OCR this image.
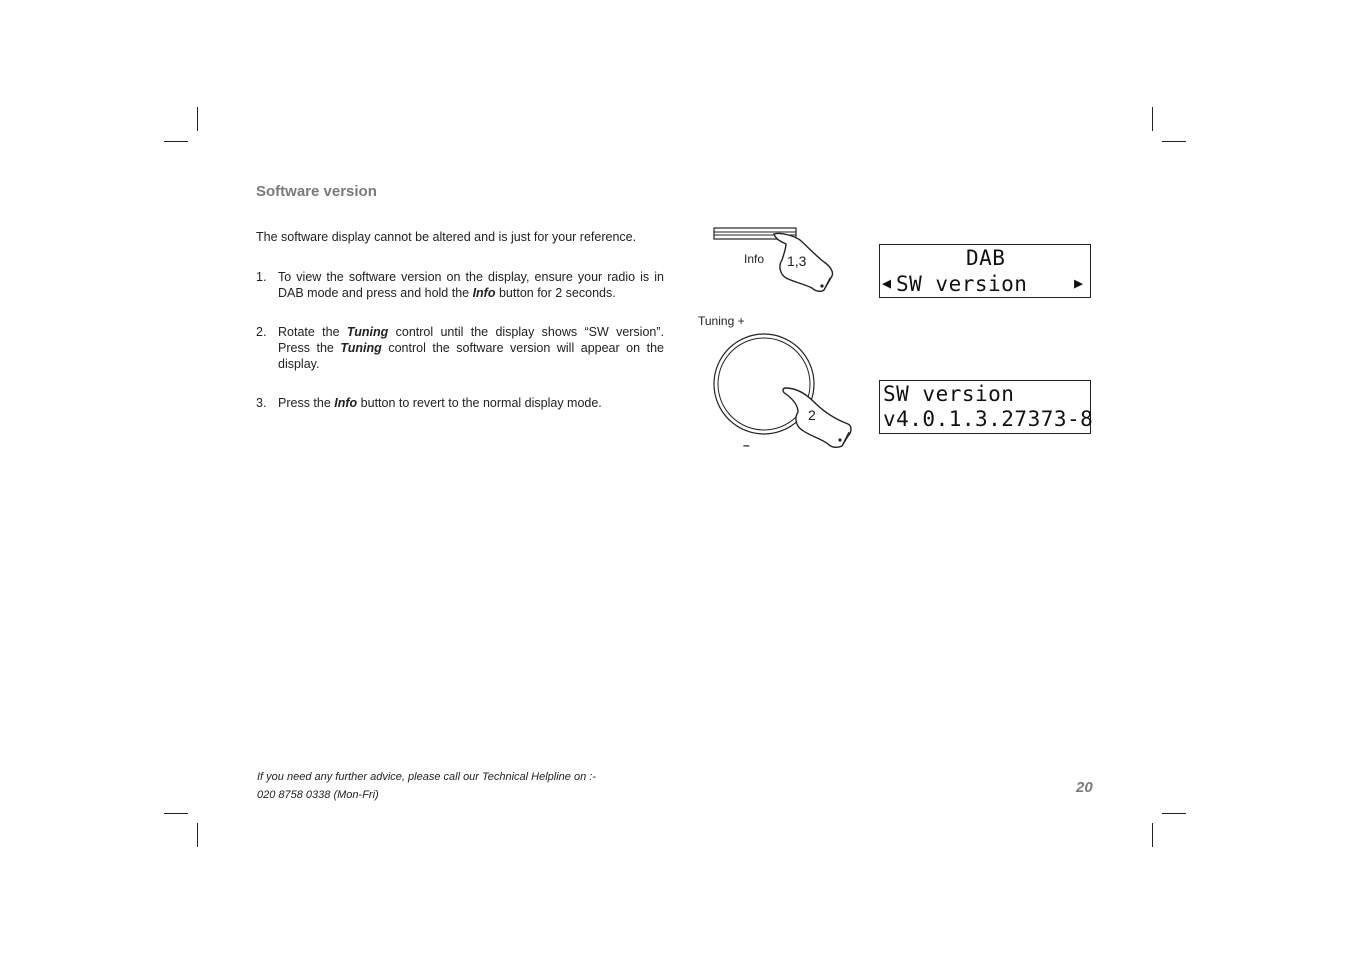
Software version
The software display cannot be altered and is just for your reference.
1. To view the software version on the display, ensure your radio is in DAB mode and press and hold the Info button for 2 seconds.
2. Rotate the Tuning control until the display shows “SW version”. Press the Tuning control the software version will appear on the display.
3. Press the Info button to revert to the normal display mode.
Info 1,3
Tuning +
–
2
DAB
◀ SW version	▶
SW version
v4.0.1.3.27373-8
If you need any further advice, please call our Technical Helpline on :-
020 8758 0338 (Mon-Fri)	20
